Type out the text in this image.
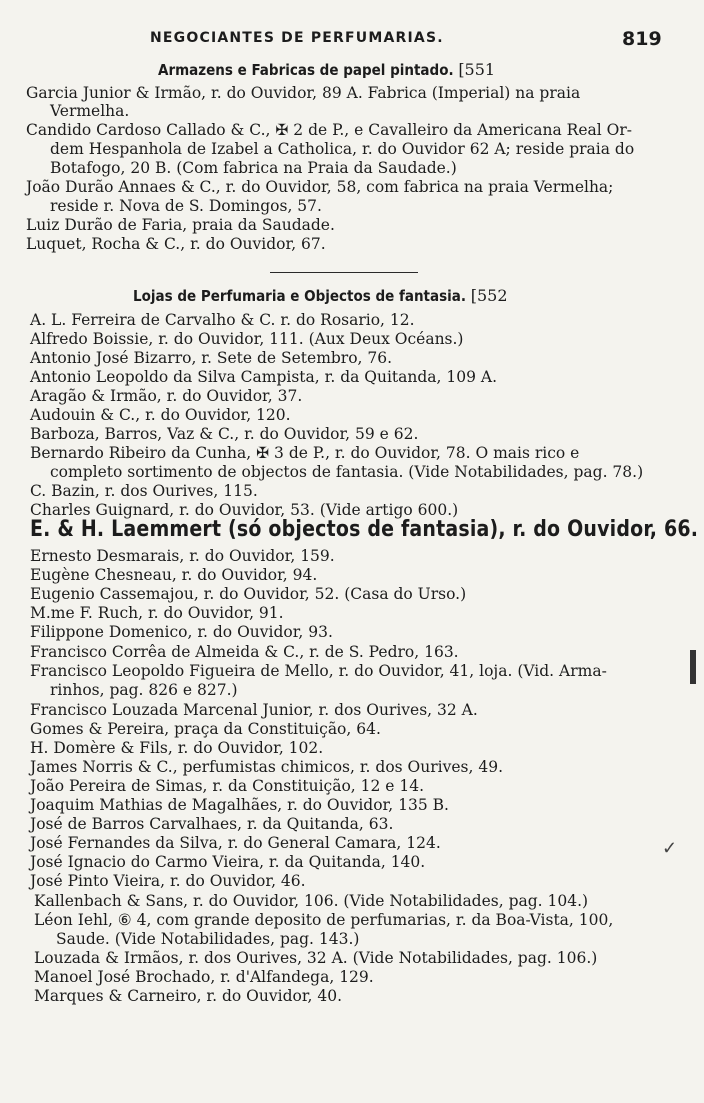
NEGOCIANTES DE PERFUMARIAS.	819
Armazens e Fabricas de papel pintado. [551
Garcia Junior & Irmão, r. do Ouvidor, 89 A. Fabrica (Imperial) na praia
Vermelha.
Candido Cardoso Callado & C., ✠ 2 de P., e Cavalleiro da Americana Real Or-
dem Hespanhola de Izabel a Catholica, r. do Ouvidor 62 A; reside praia do
Botafogo, 20 B. (Com fabrica na Praia da Saudade.)
João Durão Annaes & C., r. do Ouvidor, 58, com fabrica na praia Vermelha;
reside r. Nova de S. Domingos, 57.
Luiz Durão de Faria, praia da Saudade.
Luquet, Rocha & C., r. do Ouvidor, 67.
Lojas de Perfumaria e Objectos de fantasia. [552
A. L. Ferreira de Carvalho & C. r. do Rosario, 12.
Alfredo Boissie, r. do Ouvidor, 111. (Aux Deux Océans.)
Antonio José Bizarro, r. Sete de Setembro, 76.
Antonio Leopoldo da Silva Campista, r. da Quitanda, 109 A.
Aragão & Irmão, r. do Ouvidor, 37.
Audouin & C., r. do Ouvidor, 120.
Barboza, Barros, Vaz & C., r. do Ouvidor, 59 e 62.
Bernardo Ribeiro da Cunha, ✠ 3 de P., r. do Ouvidor, 78. O mais rico e
completo sortimento de objectos de fantasia. (Vide Notabilidades, pag. 78.)
C. Bazin, r. dos Ourives, 115.
Charles Guignard, r. do Ouvidor, 53. (Vide artigo 600.)
E. & H. Laemmert (só objectos de fantasia), r. do Ouvidor, 66.
Ernesto Desmarais, r. do Ouvidor, 159.
Eugène Chesneau, r. do Ouvidor, 94.
Eugenio Cassemajou, r. do Ouvidor, 52. (Casa do Urso.)
M.me F. Ruch, r. do Ouvidor, 91.
Filippone Domenico, r. do Ouvidor, 93.
Francisco Corrêa de Almeida & C., r. de S. Pedro, 163.
Francisco Leopoldo Figueira de Mello, r. do Ouvidor, 41, loja. (Vid. Arma-
rinhos, pag. 826 e 827.)
Francisco Louzada Marcenal Junior, r. dos Ourives, 32 A.
Gomes & Pereira, praça da Constituição, 64.
H. Domère & Fils, r. do Ouvidor, 102.
James Norris & C., perfumistas chimicos, r. dos Ourives, 49.
João Pereira de Simas, r. da Constituição, 12 e 14.
Joaquim Mathias de Magalhães, r. do Ouvidor, 135 B.
José de Barros Carvalhaes, r. da Quitanda, 63.
José Fernandes da Silva, r. do General Camara, 124.
José Ignacio do Carmo Vieira, r. da Quitanda, 140.
José Pinto Vieira, r. do Ouvidor, 46.
Kallenbach & Sans, r. do Ouvidor, 106. (Vide Notabilidades, pag. 104.)
Léon Iehl, ⑥ 4, com grande deposito de perfumarias, r. da Boa-Vista, 100,
Saude. (Vide Notabilidades, pag. 143.)
Louzada & Irmãos, r. dos Ourives, 32 A. (Vide Notabilidades, pag. 106.)
Manoel José Brochado, r. d'Alfandega, 129.
Marques & Carneiro, r. do Ouvidor, 40.
✓
